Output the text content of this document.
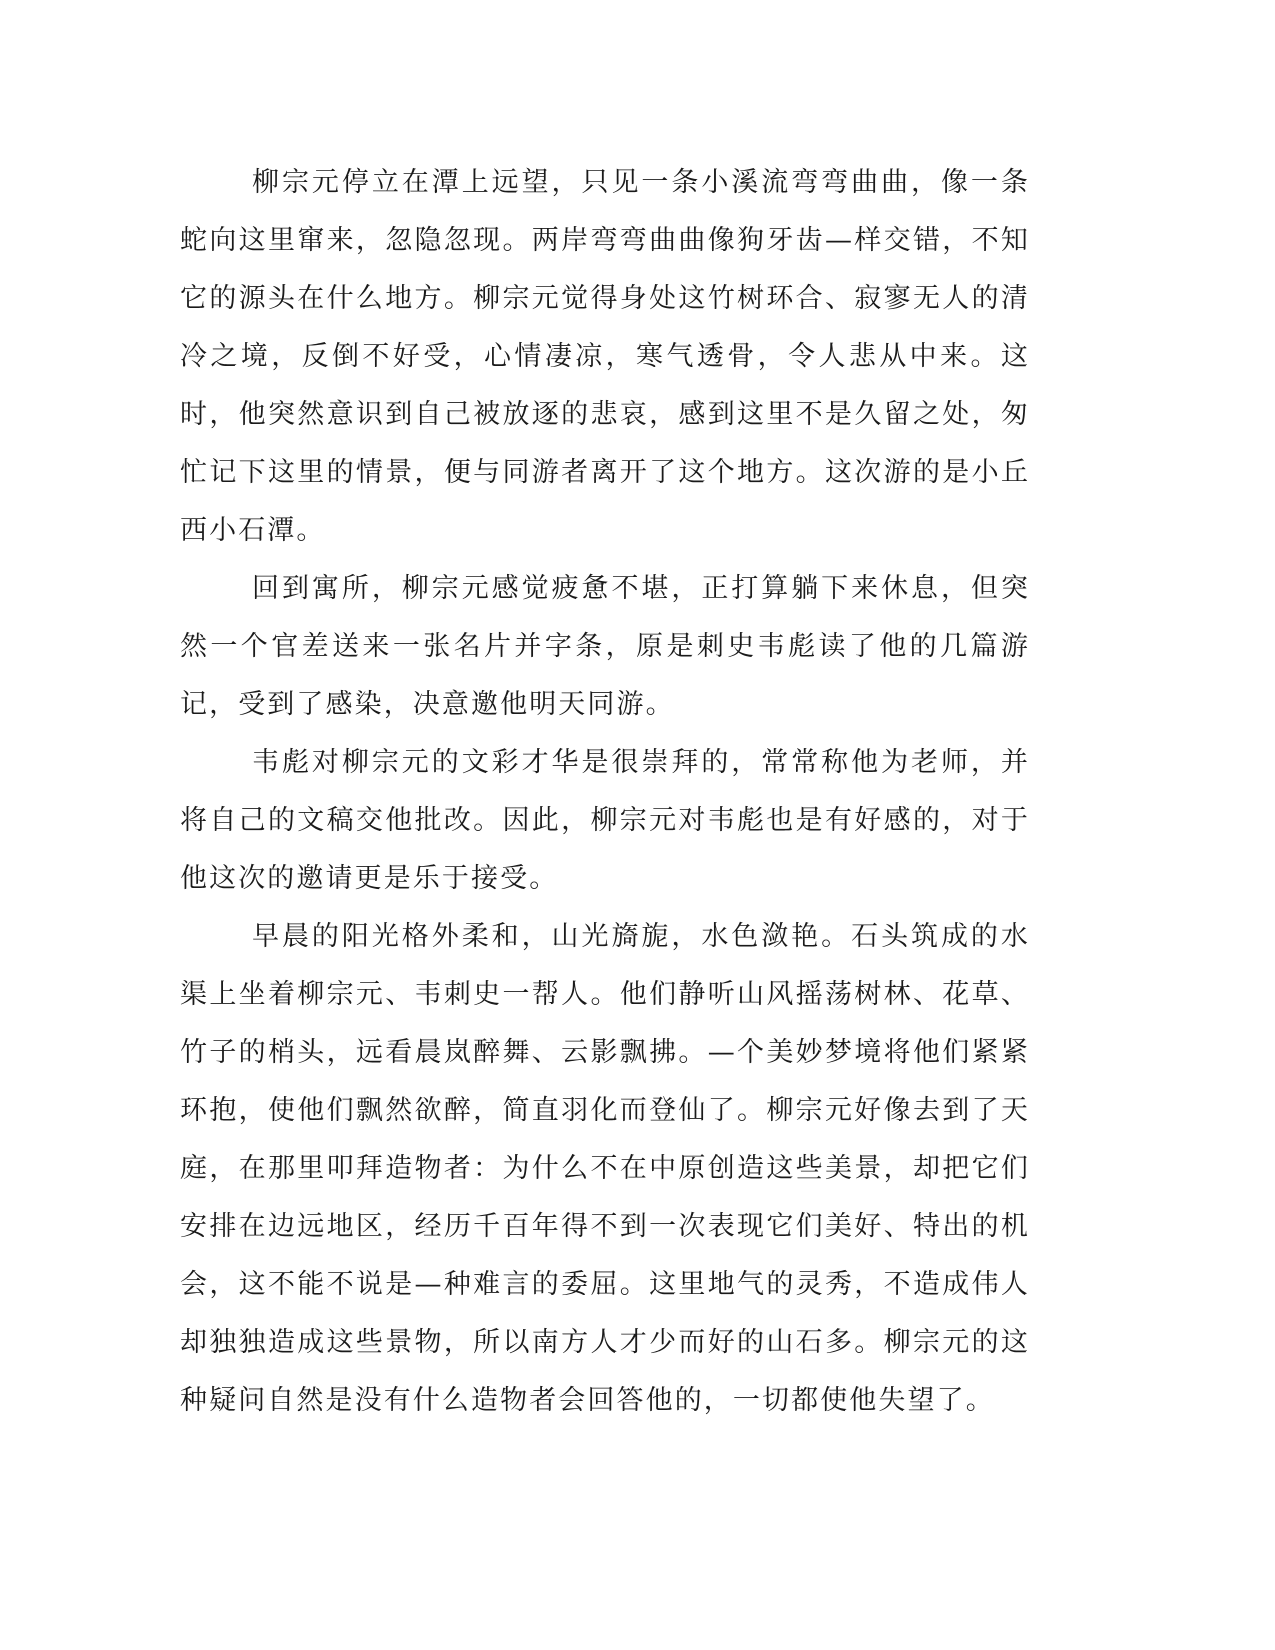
柳宗元停立在潭上远望，只见一条小溪流弯弯曲曲，像一条蛇向这里窜来，忽隐忽现。两岸弯弯曲曲像狗牙齿—样交错，不知它的源头在什么地方。柳宗元觉得身处这竹树环合、寂寥无人的清冷之境，反倒不好受，心情凄凉，寒气透骨，令人悲从中来。这时，他突然意识到自己被放逐的悲哀，感到这里不是久留之处，匆忙记下这里的情景，便与同游者离开了这个地方。这次游的是小丘西小石潭。

回到寓所，柳宗元感觉疲惫不堪，正打算躺下来休息，但突然一个官差送来一张名片并字条，原是刺史韦彪读了他的几篇游记，受到了感染，决意邀他明天同游。

韦彪对柳宗元的文彩才华是很崇拜的，常常称他为老师，并将自己的文稿交他批改。因此，柳宗元对韦彪也是有好感的，对于他这次的邀请更是乐于接受。

早晨的阳光格外柔和，山光旖旎，水色潋艳。石头筑成的水渠上坐着柳宗元、韦刺史一帮人。他们静听山风摇荡树林、花草、竹子的梢头，远看晨岚醉舞、云影飘拂。—个美妙梦境将他们紧紧环抱，使他们飘然欲醉，简直羽化而登仙了。柳宗元好像去到了天庭，在那里叩拜造物者：为什么不在中原创造这些美景，却把它们安排在边远地区，经历千百年得不到一次表现它们美好、特出的机会，这不能不说是—种难言的委屈。这里地气的灵秀，不造成伟人却独独造成这些景物，所以南方人才少而好的山石多。柳宗元的这种疑问自然是没有什么造物者会回答他的，一切都使他失望了。
